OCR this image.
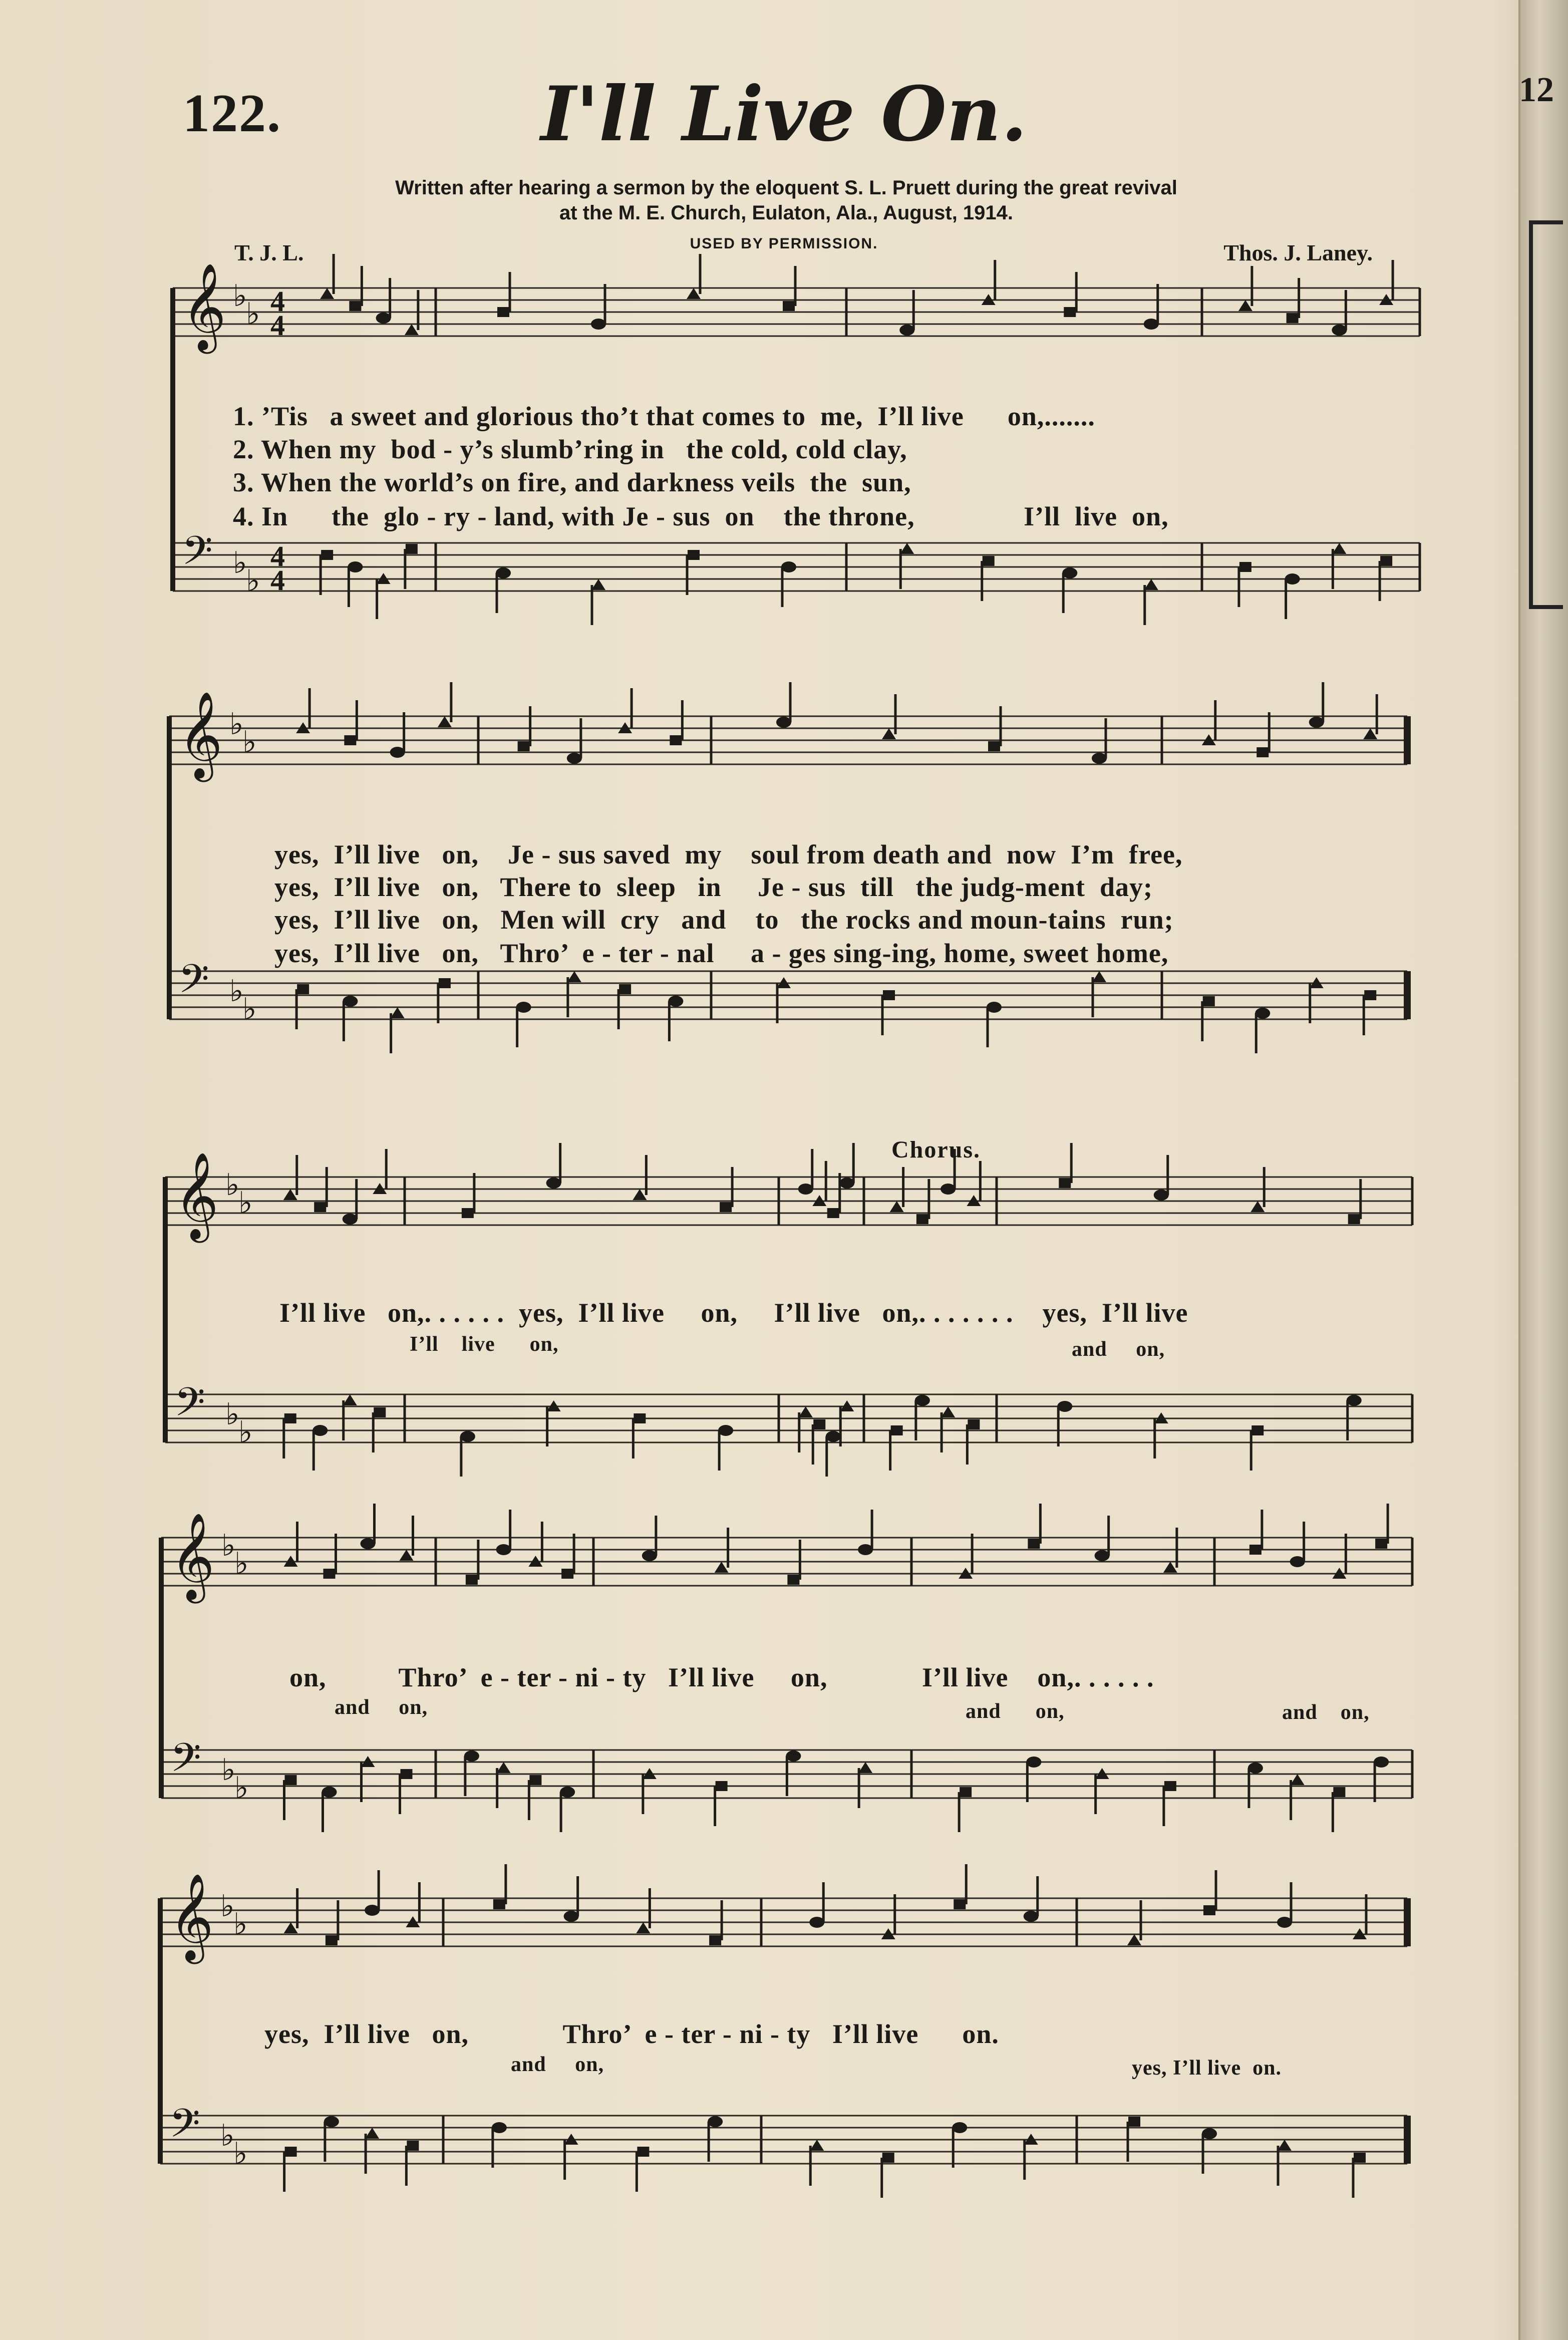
12
122.	I'll Live On.
Written after hearing a sermon by the eloquent S. L. Pruett during the great revival
at the M. E. Church, Eulaton, Ala., August, 1914.
USED BY PERMISSION.
T. J. L.	Thos. J. Laney.
𝄞 ♭
♭ 4
4
𝄢 ♭
♭
4
4
𝄞 ♭
♭
𝄢 ♭
♭
𝄞 ♭
♭
𝄢 ♭
♭
𝄞 ♭
♭
𝄢 ♭
♭
𝄞 ♭
♭
𝄢 ♭
♭
1. ’Tis   a sweet and glorious tho’t that comes to  me,  I’ll live      on,.......
2. When my  bod - y’s slumb’ring in   the cold, cold clay,
3. When the world’s on fire, and darkness veils  the  sun,
4. In      the  glo - ry - land, with Je - sus  on    the throne,               I’ll  live  on,
yes,  I’ll live   on,    Je - sus saved  my    soul from death and  now  I’m  free,
yes,  I’ll live   on,   There to  sleep   in     Je - sus  till   the judg-ment  day;
yes,  I’ll live   on,   Men will  cry   and    to   the rocks and moun-tains  run;
yes,  I’ll live   on,   Thro’  e - ter - nal     a - ges sing-ing, home, sweet home,
Chorus.
I’ll live   on,. . . . . .  yes,  I’ll live     on,     I’ll live   on,. . . . . . .    yes,  I’ll live
I’ll    live      on,	and     on,
on,          Thro’  e - ter - ni - ty   I’ll live     on,             I’ll live    on,. . . . . .
and     on,	and      on,	and    on,
yes,  I’ll live   on,             Thro’  e - ter - ni - ty   I’ll live      on.
and     on,	yes, I’ll live  on.
